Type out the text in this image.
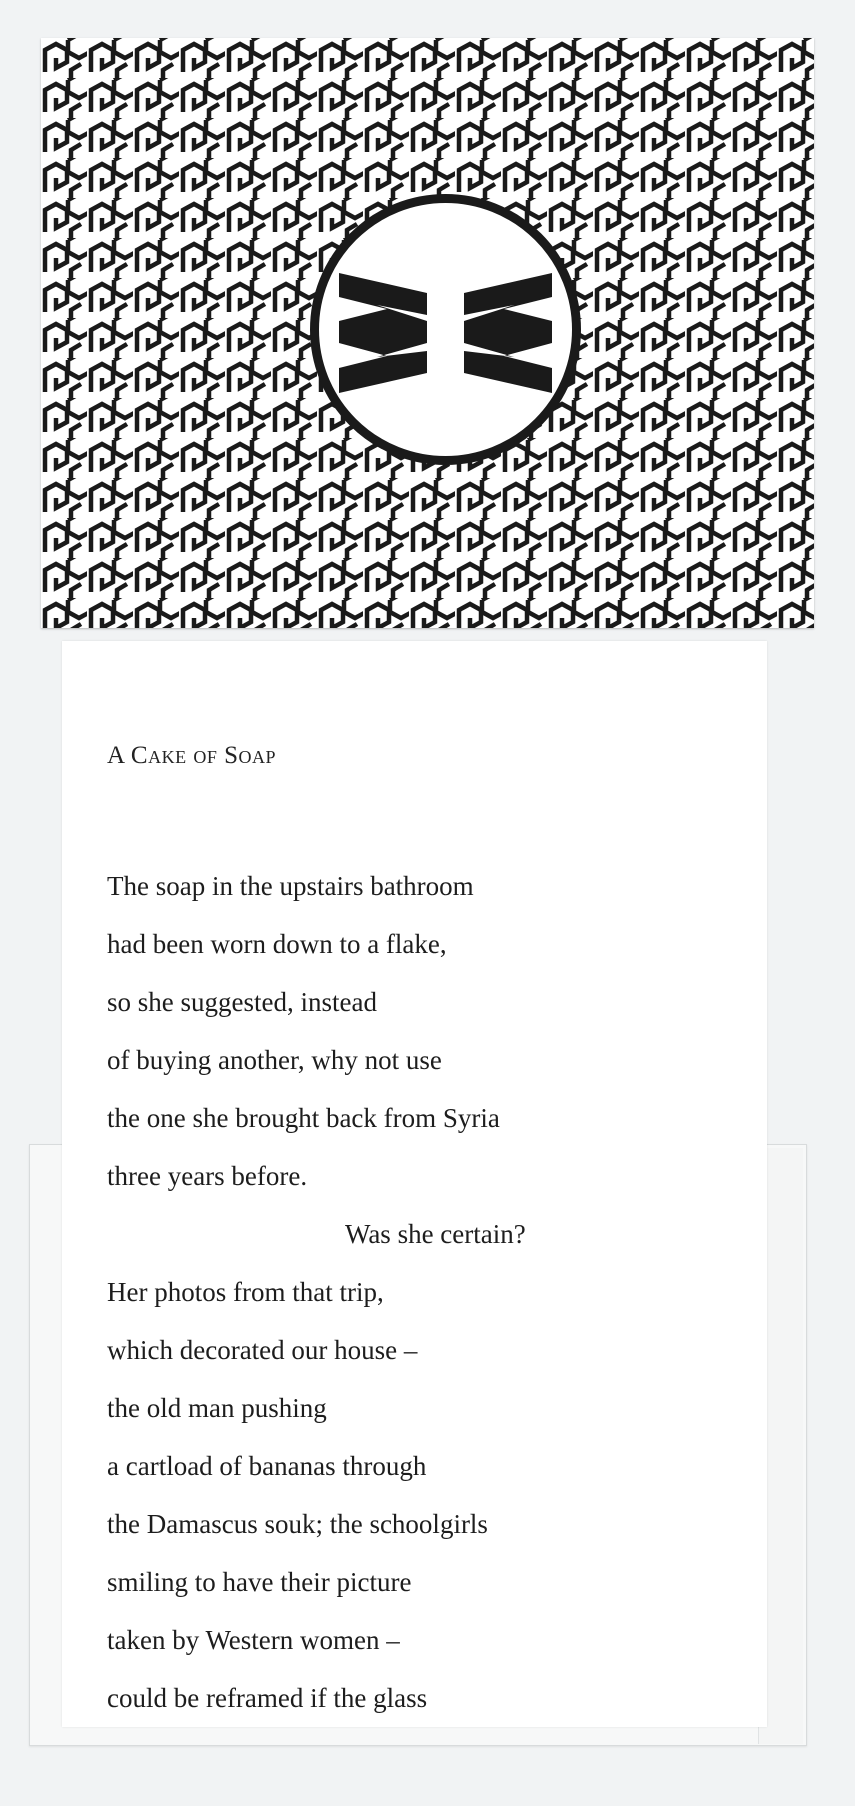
A Cake of Soap
The soap in the upstairs bathroom
had been worn down to a flake,
so she suggested, instead
of buying another, why not use
the one she brought back from Syria
three years before.
Was she certain?
Her photos from that trip,
which decorated our house –
the old man pushing
a cartload of bananas through
the Damascus souk; the schoolgirls
smiling to have their picture
taken by Western women –
could be reframed if the glass
